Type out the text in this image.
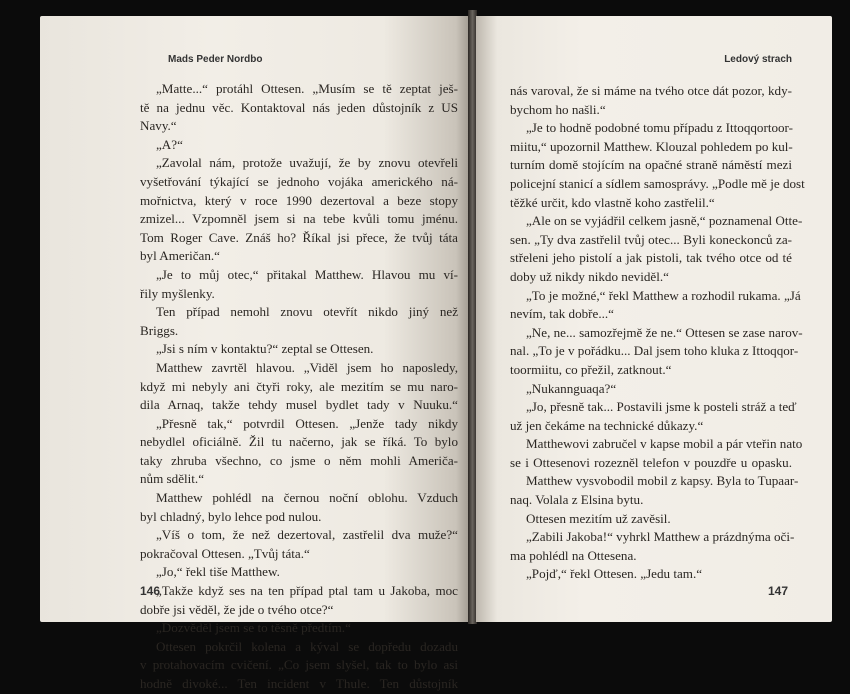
Mads Peder Nordbo
„Matte...“ protáhl Ottesen. „Musím se tě zeptat ješ-
tě na jednu věc. Kontaktoval nás jeden důstojník z US
Navy.“
„A?“
„Zavolal nám, protože uvažují, že by znovu otevřeli
vyšetřování týkající se jednoho vojáka amerického ná-
mořnictva, který v roce 1990 dezertoval a beze stopy
zmizel... Vzpomněl jsem si na tebe kvůli tomu jménu.
Tom Roger Cave. Znáš ho? Říkal jsi přece, že tvůj táta
byl Američan.“
„Je to můj otec,“ přitakal Matthew. Hlavou mu ví-
řily myšlenky.
Ten případ nemohl znovu otevřít nikdo jiný než
Briggs.
„Jsi s ním v kontaktu?“ zeptal se Ottesen.
Matthew zavrtěl hlavou. „Viděl jsem ho naposledy,
když mi nebyly ani čtyři roky, ale mezitím se mu naro-
dila Arnaq, takže tehdy musel bydlet tady v Nuuku.“
„Přesně tak,“ potvrdil Ottesen. „Jenže tady nikdy
nebydlel oficiálně. Žil tu načerno, jak se říká. To bylo
taky zhruba všechno, co jsme o něm mohli Američa-
nům sdělit.“
Matthew pohlédl na černou noční oblohu. Vzduch
byl chladný, bylo lehce pod nulou.
„Víš o tom, že než dezertoval, zastřelil dva muže?“
pokračoval Ottesen. „Tvůj táta.“
„Jo,“ řekl tiše Matthew.
„Takže když ses na ten případ ptal tam u Jakoba, moc
dobře jsi věděl, že jde o tvého otce?“
„Dozvěděl jsem se to těsně předtím.“
Ottesen pokrčil kolena a kýval se dopředu dozadu
v protahovacím cvičení. „Co jsem slyšel, tak to bylo asi
hodně divoké... Ten incident v Thule. Ten důstojník
146
Ledový strach
nás varoval, že si máme na tvého otce dát pozor, kdy-
bychom ho našli.“
„Je to hodně podobné tomu případu z Ittoqqortoor-
miitu,“ upozornil Matthew. Klouzal pohledem po kul-
turním domě stojícím na opačné straně náměstí mezi
policejní stanicí a sídlem samosprávy. „Podle mě je dost
těžké určit, kdo vlastně koho zastřelil.“
„Ale on se vyjádřil celkem jasně,“ poznamenal Otte-
sen. „Ty dva zastřelil tvůj otec... Byli koneckonců za-
střeleni jeho pistolí a jak pistoli, tak tvého otce od té
doby už nikdy nikdo neviděl.“
„To je možné,“ řekl Matthew a rozhodil rukama. „Já
nevím, tak dobře...“
„Ne, ne... samozřejmě že ne.“ Ottesen se zase narov-
nal. „To je v pořádku... Dal jsem toho kluka z Ittoqqor-
toormiitu, co přežil, zatknout.“
„Nukannguaqa?“
„Jo, přesně tak... Postavili jsme k posteli stráž a teď
už jen čekáme na technické důkazy.“
Matthewovi zabručel v kapse mobil a pár vteřin nato
se i Ottesenovi rozezněl telefon v pouzdře u opasku.
Matthew vysvobodil mobil z kapsy. Byla to Tupaar-
naq. Volala z Elsina bytu.
Ottesen mezitím už zavěsil.
„Zabili Jakoba!“ vyhrkl Matthew a prázdnýma oči-
ma pohlédl na Ottesena.
„Pojď,“ řekl Ottesen. „Jedu tam.“
147
